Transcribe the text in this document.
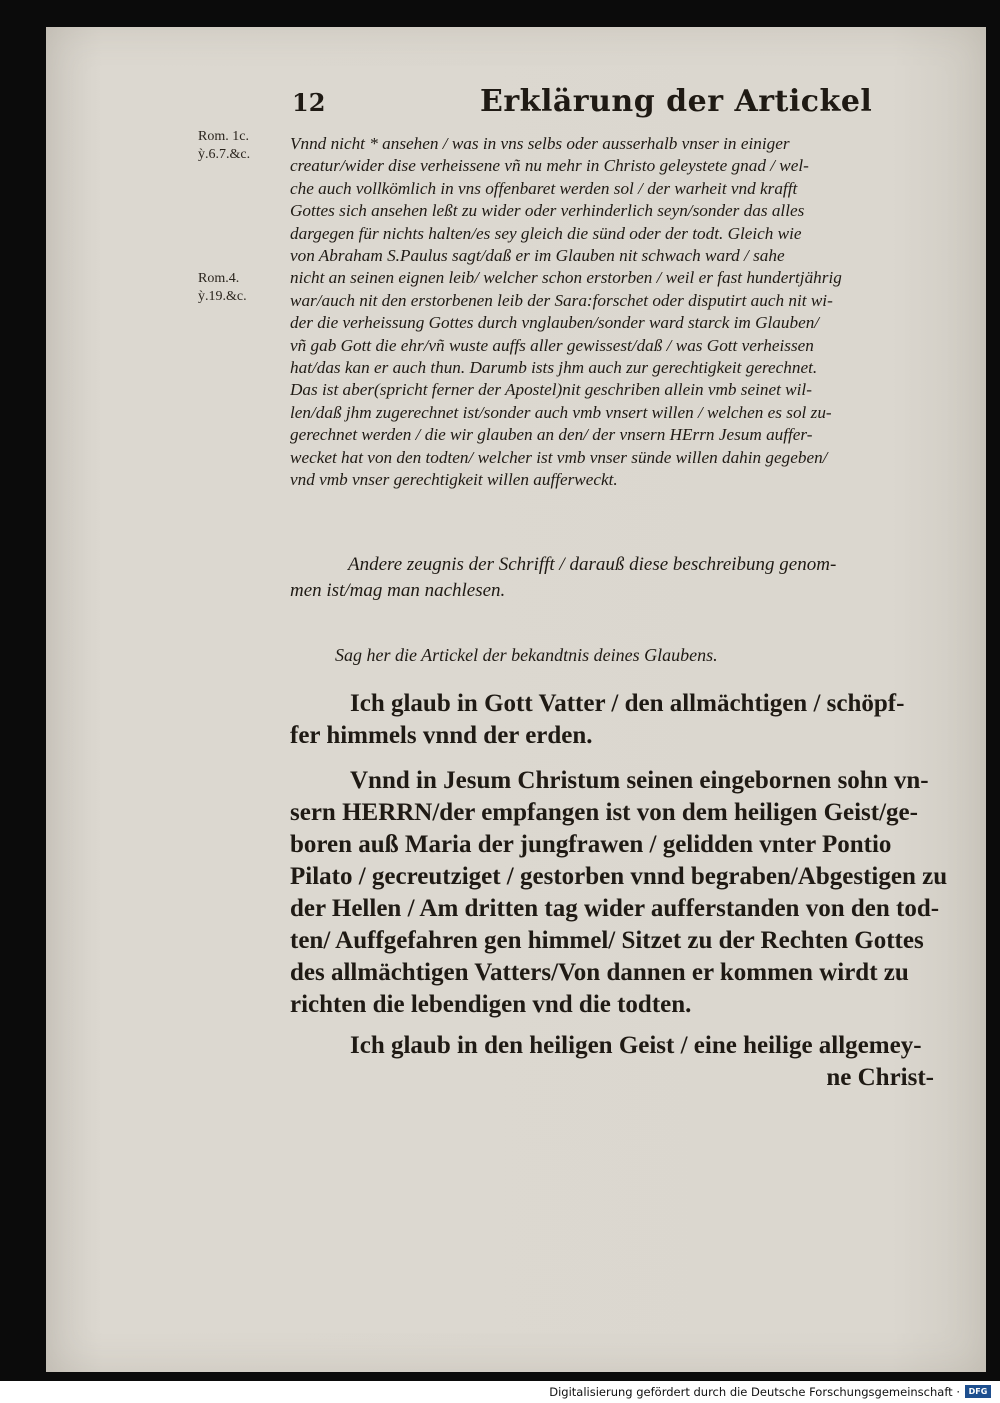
12	Erklärung der Artickel
Rom. 1c.
ỳ.6.7.&c.
Rom.4.
ỳ.19.&c.
Vnnd nicht * ansehen / was in vns selbs oder ausserhalb vnser in einiger
creatur/wider dise verheissene vñ nu mehr in Christo geleystete gnad / wel-
che auch vollkömlich in vns offenbaret werden sol / der warheit vnd krafft
Gottes sich ansehen leßt zu wider oder verhinderlich seyn/sonder das alles
dargegen für nichts halten/es sey gleich die sünd oder der todt. Gleich wie
von Abraham S.Paulus sagt/daß er im Glauben nit schwach ward / sahe
nicht an seinen eignen leib/ welcher schon erstorben / weil er fast hundertjährig
war/auch nit den erstorbenen leib der Sara:forschet oder disputirt auch nit wi-
der die verheissung Gottes durch vnglauben/sonder ward starck im Glauben/
vñ gab Gott die ehr/vñ wuste auffs aller gewissest/daß / was Gott verheissen
hat/das kan er auch thun. Darumb ists jhm auch zur gerechtigkeit gerechnet.
Das ist aber(spricht ferner der Apostel)nit geschriben allein vmb seinet wil-
len/daß jhm zugerechnet ist/sonder auch vmb vnsert willen / welchen es sol zu-
gerechnet werden / die wir glauben an den/ der vnsern HErrn Jesum auffer-
wecket hat von den todten/ welcher ist vmb vnser sünde willen dahin gegeben/
vnd vmb vnser gerechtigkeit willen aufferweckt.
Andere zeugnis der Schrifft / darauß diese beschreibung genom-
men ist/mag man nachlesen.
Sag her die Artickel der bekandtnis deines Glaubens.
Ich glaub in Gott Vatter / den allmächtigen / schöpf-
fer himmels vnnd der erden.
Vnnd in Jesum Christum seinen eingebornen sohn vn-
sern HERRN/der empfangen ist von dem heiligen Geist/ge-
boren auß Maria der jungfrawen / gelidden vnter Pontio
Pilato / gecreutziget / gestorben vnnd begraben/Abgestigen zu
der Hellen / Am dritten tag wider aufferstanden von den tod-
ten/ Auffgefahren gen himmel/ Sitzet zu der Rechten Gottes
des allmächtigen Vatters/Von dannen er kommen wirdt zu
richten die lebendigen vnd die todten.
Ich glaub in den heiligen Geist / eine heilige allgemey-
ne Christ-
Digitalisierung gefördert durch die Deutsche Forschungsgemeinschaft ·	DFG
